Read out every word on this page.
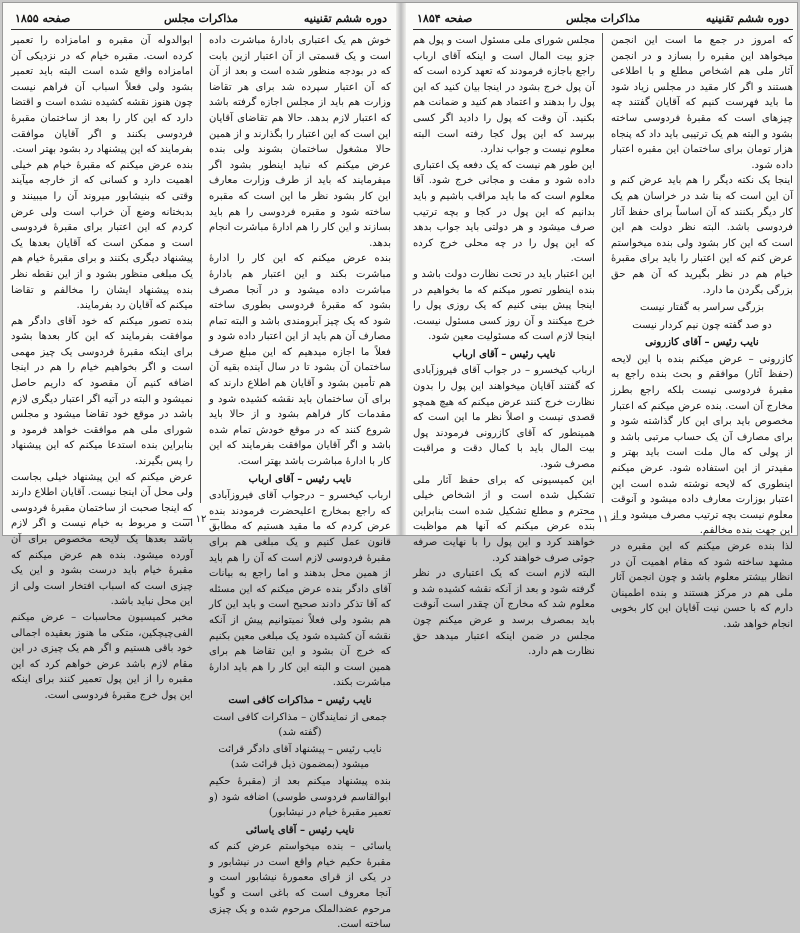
دوره ششم تقنینیه
مذاکرات مجلس
صفحه ۱۸۵۵

خوش هم یک اعتباری بادارهٔ مباشرت داده است و یک قسمتی از آن اعتبار ازین بابت که در بودجه منظور شده است و بعد از آن که آن اعتبار سپرده شد برای هر تقاضا وزارت هم باید از مجلس اجازه گرفته باشد که اعتبار لازم بدهد. حالا هم تقاضای آقایان این است که این اعتبار را بگذارند و از همین حالا مشغول ساختمان بشوند ولی بنده عرض میکنم که نباید اینطور بشود اگر میفرمایند که باید از طرف وزارت معارف این کار بشود نظر ما این است که مقبره ساخته شود و مقبره فردوسی را هم باید بسازند و این کار را هم ادارهٔ مباشرت انجام بدهد.

بنده عرض میکنم که این کار را ادارهٔ مباشرت بکند و این اعتبار هم بادارهٔ مباشرت داده میشود و در آنجا مصرف بشود که مقبرهٔ فردوسی بطوری ساخته شود که یک چیز آبرومندی باشد و البته تمام مصارف آن هم باید از این اعتبار داده شود و فعلاً ما اجازه میدهیم که این مبلغ صرف ساختمان آن بشود تا در سال آینده بقیه آن هم تأمین بشود و آقایان هم اطلاع دارند که برای آن ساختمان باید نقشه کشیده شود و مقدمات کار فراهم بشود و از حالا باید شروع کنند که در موقع خودش تمام شده باشد و اگر آقایان موافقت بفرمایند که این کار با ادارهٔ مباشرت باشد بهتر است.

نایب رئیس – آقای ارباب

ارباب کیخسرو – درجواب آقای فیروزآبادی که راجع بمخارج اعلیحضرت فرمودند بنده عرض کردم که ما مقید هستیم که مطابق قانون عمل کنیم و یک مبلغی هم برای مقبرهٔ فردوسی لازم است که آن را هم باید از همین محل بدهند و اما راجع به بیانات آقای دادگر بنده عرض میکنم که این مسئله که آقا تذکر دادند صحیح است و باید این کار هم بشود ولی فعلاً نمیتوانیم پیش از آنکه نقشه آن کشیده شود یک مبلغی معین بکنیم که خرج آن بشود و این تقاضا هم برای همین است و البته این کار را هم باید ادارهٔ مباشرت بکند.

نایب رئیس – مذاکرات کافی است
جمعی از نمایندگان – مذاکرات کافی است (گفته شد)
نایب رئیس – پیشنهاد آقای دادگر قرائت میشود (بمضمون ذیل قرائت شد)

بنده پیشنهاد میکنم بعد از (مقبرهٔ حکیم ابوالقاسم فردوسی طوسی) اضافه شود (و تعمیر مقبرهٔ خیام در نیشابور)

نایب رئیس – آقای یاسائی

یاسائی – بنده میخواستم عرض کنم که مقبرهٔ حکیم خیام واقع است در نیشابور و در یکی از قرای معمورهٔ نیشابور است و آنجا معروف است که باغی است و گویا مرحوم عضدالملک مرحوم شده و یک چیزی ساخته است.

ابوالدوله آن مقبره و امامزاده را تعمیر کرده است. مقبره خیام که در نزدیکی آن امامزاده واقع شده است البته باید تعمیر بشود ولی فعلاً اسباب آن فراهم نیست چون هنوز نقشه کشیده نشده است و اقتضا دارد که این کار را بعد از ساختمان مقبرهٔ فردوسی بکنند و اگر آقایان موافقت بفرمایند که این پیشنهاد رد بشود بهتر است.

بنده عرض میکنم که مقبرهٔ خیام هم خیلی اهمیت دارد و کسانی که از خارجه میآیند وقتی که بنیشابور میروند آن را میبینند و بدبختانه وضع آن خراب است ولی عرض کردم که این اعتبار برای مقبرهٔ فردوسی است و ممکن است که آقایان بعدها یک پیشنهاد دیگری بکنند و برای مقبرهٔ خیام هم یک مبلغی منظور بشود و از این نقطه نظر بنده پیشنهاد ایشان را مخالفم و تقاضا میکنم که آقایان رد بفرمایند.

بنده تصور میکنم که خود آقای دادگر هم موافقت بفرمایند که این کار بعدها بشود برای اینکه مقبرهٔ فردوسی یک چیز مهمی است و اگر بخواهیم خیام را هم در اینجا اضافه کنیم آن مقصود که داریم حاصل نمیشود و البته در آتیه اگر اعتبار دیگری لازم باشد در موقع خود تقاضا میشود و مجلس شورای ملی هم موافقت خواهد فرمود و بنابراین بنده استدعا میکنم که این پیشنهاد را پس بگیرند.

عرض میکنم که این پیشنهاد خیلی بجاست ولی محل آن اینجا نیست. آقایان اطلاع دارند که اینجا صحبت از ساختمان مقبرهٔ فردوسی است و مربوط به خیام نیست و اگر لازم باشد بعدها یک لایحه مخصوص برای آن آورده میشود. بنده هم عرض میکنم که مقبرهٔ خیام باید درست بشود و این یک چیزی است که اسباب افتخار است ولی از این محل نباید باشد.

مخبر کمیسیون محاسبات – عرض میکنم الفی‌چیچکین، متکی ما هنوز بعقیده اجمالی خود باقی هستیم و اگر هم یک چیزی در این مقام لازم باشد عرض خواهم کرد که این مقبره را از این پول تعمیر کنند برای اینکه این پول خرج مقبرهٔ فردوسی است.

— ۱۲ —
دوره ششم تقنینیه
مذاکرات مجلس
صفحه ۱۸۵۴

که امروز در جمع ما است این انجمن میخواهد این مقبره را بسازد و در انجمن آثار ملی هم اشخاص مطلع و با اطلاعی هستند و اگر کار مقید در مجلس زیاد شود ما باید فهرست کنیم که آقایان گفتند چه چیزهای است که مقبرهٔ فردوسی ساخته بشود و البته هم یک ترتیبی باید داد که پنجاه هزار تومان برای ساختمان این مقبره اعتبار داده شود.

اینجا یک نکته دیگر را هم باید عرض کنم و آن این است که بنا شد در خراسان هم یک کار دیگر بکنند که آن اساساً برای حفظ آثار فردوسی باشد. البته نظر دولت هم این است که این کار بشود ولی بنده میخواستم عرض کنم که این اعتبار را باید برای مقبرهٔ خیام هم در نظر بگیرید که آن هم حق بزرگی بگردن ما دارد.

بزرگی سراسر به گفتار نیست
دو صد گفته چون نیم کردار نیست
نایب رئیس – آقای کازرونی

کازرونی – عرض میکنم بنده با این لایحه (حفظ آثار) موافقم و بحث بنده راجع به مقبرهٔ فردوسی نیست بلکه راجع بطرز مخارج آن است. بنده عرض میکنم که اعتبار مخصوص باید برای این کار گذاشته شود و برای مصارف آن یک حساب مرتبی باشد و از پولی که مال ملت است باید بهتر و مفیدتر از این استفاده شود. عرض میکنم اینطوری که لایحه نوشته شده است این اعتبار بوزارت معارف داده میشود و آنوقت معلوم نیست بچه ترتیب مصرف میشود و از این جهت بنده مخالفم.

لذا بنده عرض میکنم که این مقبره در مشهد ساخته شود که مقام اهمیت آن در انظار بیشتر معلوم باشد و چون انجمن آثار ملی هم در مرکز هستند و بنده اطمینان دارم که با حسن نیت آقایان این کار بخوبی انجام خواهد شد.

مجلس شورای ملی مسئول است و پول هم جزو بیت المال است و اینکه آقای ارباب راجع باجازه فرمودند که تعهد کرده است که آن پول خرج بشود در اینجا بیان کنید که این پول را بدهند و اعتماد هم کنید و ضمانت هم بکنید. آن وقت که پول را دادید اگر کسی بپرسد که این پول کجا رفته است البته معلوم نیست و جواب ندارد.

این طور هم نیست که یک دفعه یک اعتباری داده شود و مفت و مجانی خرج شود. آقا معلوم است که ما باید مراقب باشیم و باید بدانیم که این پول در کجا و بچه ترتیب صرف میشود و هر دولتی باید جواب بدهد که این پول را در چه محلی خرج کرده است.

این اعتبار باید در تحت نظارت دولت باشد و بنده اینطور تصور میکنم که ما بخواهیم در اینجا پیش بینی کنیم که یک روزی پول را خرج میکنند و آن روز کسی مسئول نیست. اینجا لازم است که مسئولیت معین شود.

نایب رئیس – آقای ارباب

ارباب کیخسرو – در جواب آقای فیروزآبادی که گفتند آقایان میخواهند این پول را بدون نظارت خرج کنند عرض میکنم که هیچ همچو قصدی نیست و اصلاً نظر ما این است که همینطور که آقای کازرونی فرمودند پول بیت المال باید با کمال دقت و مراقبت مصرف شود.

این کمیسیونی که برای حفظ آثار ملی تشکیل شده است و از اشخاص خیلی محترم و مطلع تشکیل شده است بنابراین بنده عرض میکنم که آنها هم مواظبت خواهند کرد و این پول را با نهایت صرفه جوئی صرف خواهند کرد.

البته لازم است که یک اعتباری در نظر گرفته شود و بعد از آنکه نقشه کشیده شد و معلوم شد که مخارج آن چقدر است آنوقت باید بمصرف برسد و عرض میکنم چون مجلس در ضمن اینکه اعتبار میدهد حق نظارت هم دارد.

— ۱۱ —
